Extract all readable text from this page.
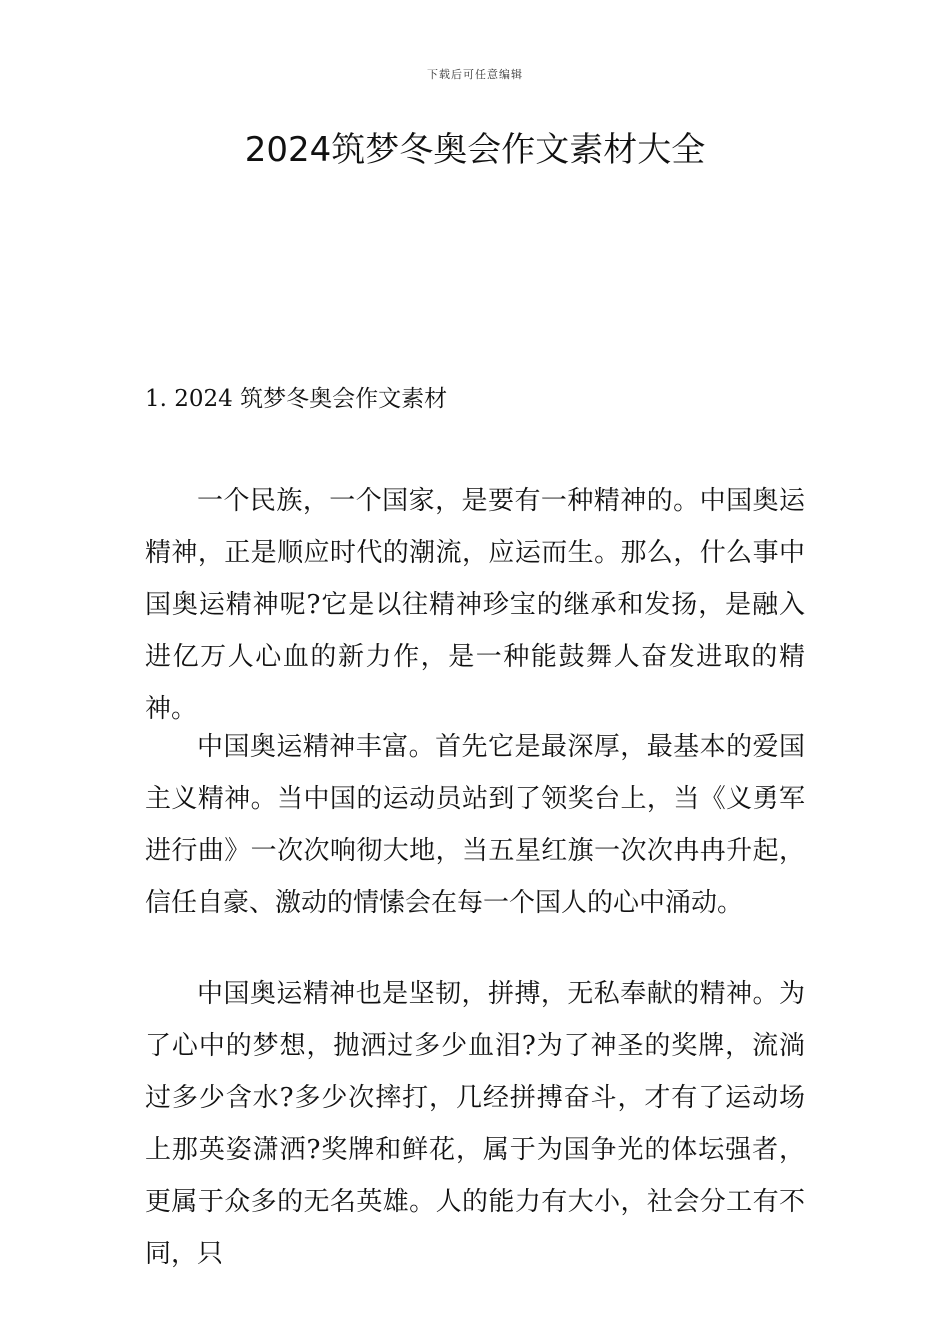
下载后可任意编辑
2024筑梦冬奥会作文素材大全
1. 2024 筑梦冬奥会作文素材

一个民族，一个国家，是要有一种精神的。中国奥运精神，正是顺应时代的潮流，应运而生。那么，什么事中国奥运精神呢?它是以往精神珍宝的继承和发扬，是融入进亿万人心血的新力作，是一种能鼓舞人奋发进取的精神。

中国奥运精神丰富。首先它是最深厚，最基本的爱国主义精神。当中国的运动员站到了领奖台上，当《义勇军进行曲》一次次响彻大地，当五星红旗一次次冉冉升起，信任自豪、激动的情愫会在每一个国人的心中涌动。

中国奥运精神也是坚韧，拼搏，无私奉献的精神。为了心中的梦想，抛洒过多少血泪?为了神圣的奖牌，流淌过多少含水?多少次摔打，几经拼搏奋斗，才有了运动场上那英姿潇洒?奖牌和鲜花，属于为国争光的体坛强者，更属于众多的无名英雄。人的能力有大小，社会分工有不同，只
